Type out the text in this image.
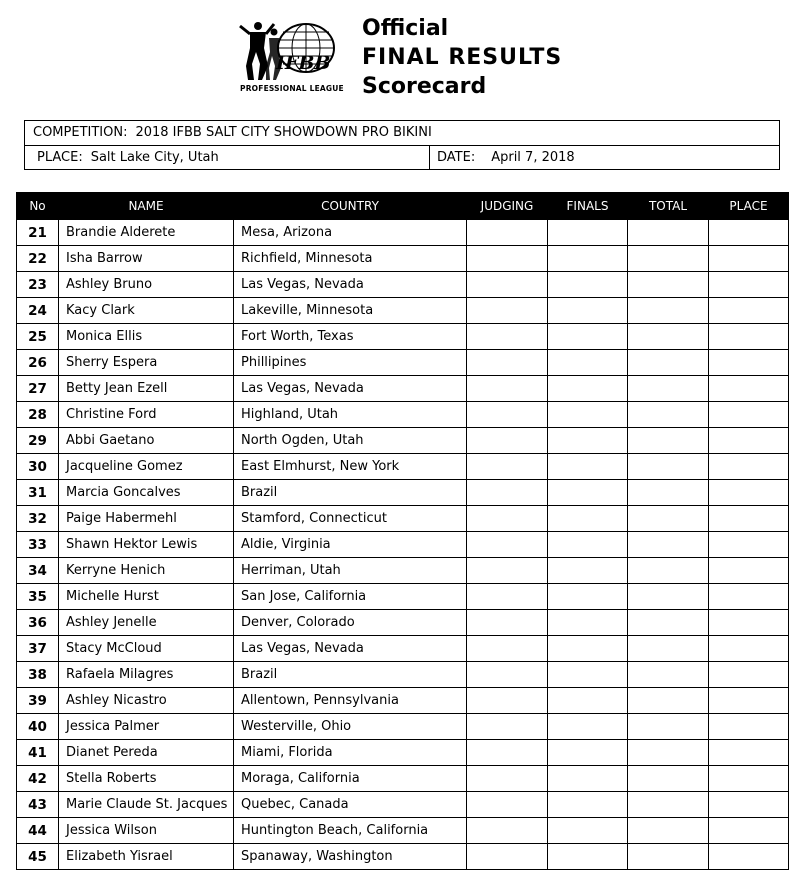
IFBB
PROFESSIONAL LEAGUE
Official
FINAL RESULTS
Scorecard
COMPETITION: 2018 IFBB SALT CITY SHOWDOWN PRO BIKINI
PLACE: Salt Lake City, Utah	DATE: April 7, 2018
No	NAME	COUNTRY	JUDGING	FINALS	TOTAL	PLACE
21	Brandie Alderete	Mesa, Arizona				
22	Isha Barrow	Richfield, Minnesota				
23	Ashley Bruno	Las Vegas, Nevada				
24	Kacy Clark	Lakeville, Minnesota				
25	Monica Ellis	Fort Worth, Texas				
26	Sherry Espera	Phillipines				
27	Betty Jean Ezell	Las Vegas, Nevada				
28	Christine Ford	Highland, Utah				
29	Abbi Gaetano	North Ogden, Utah				
30	Jacqueline Gomez	East Elmhurst, New York				
31	Marcia Goncalves	Brazil				
32	Paige Habermehl	Stamford, Connecticut				
33	Shawn Hektor Lewis	Aldie, Virginia				
34	Kerryne Henich	Herriman, Utah				
35	Michelle Hurst	San Jose, California				
36	Ashley Jenelle	Denver, Colorado				
37	Stacy McCloud	Las Vegas, Nevada				
38	Rafaela Milagres	Brazil				
39	Ashley Nicastro	Allentown, Pennsylvania				
40	Jessica Palmer	Westerville, Ohio				
41	Dianet Pereda	Miami, Florida				
42	Stella Roberts	Moraga, California				
43	Marie Claude St. Jacques	Quebec, Canada				
44	Jessica Wilson	Huntington Beach, California				
45	Elizabeth Yisrael	Spanaway, Washington				
